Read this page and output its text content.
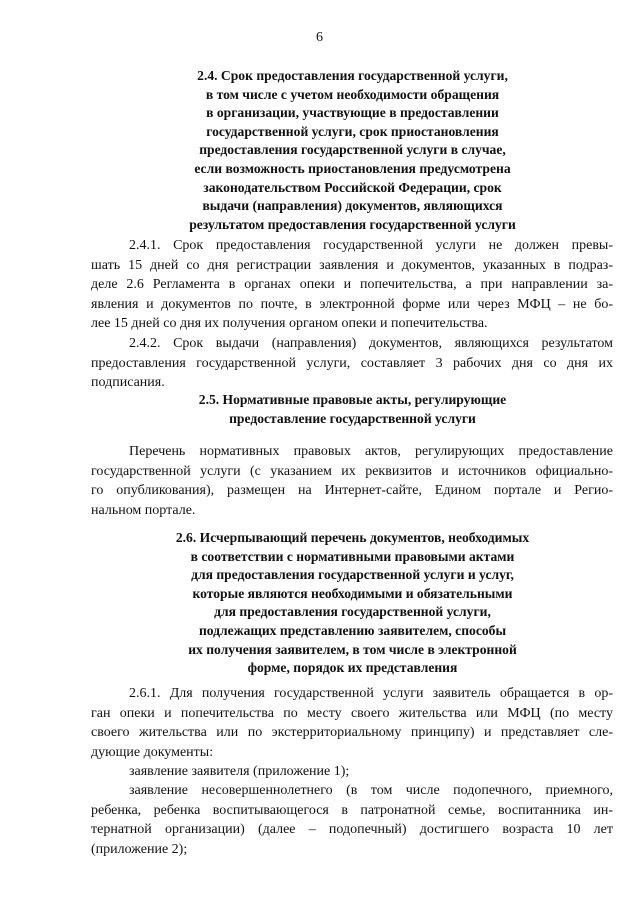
6
2.4. Срок предоставления государственной услуги,
в том числе с учетом необходимости обращения
в организации, участвующие в предоставлении
государственной услуги, срок приостановления
предоставления государственной услуги в случае,
если возможность приостановления предусмотрена
законодательством Российской Федерации, срок
выдачи (направления) документов, являющихся
результатом предоставления государственной услуги
2.4.1. Срок предоставления государственной услуги не должен превы-
шать 15 дней со дня регистрации заявления и документов, указанных в подраз-
деле 2.6 Регламента в органах опеки и попечительства, а при направлении за-
явления и документов по почте, в электронной форме или через МФЦ – не бо-
лее 15 дней со дня их получения органом опеки и попечительства.
2.4.2. Срок выдачи (направления) документов, являющихся результатом
предоставления государственной услуги, составляет 3 рабочих дня со дня их
подписания.
2.5. Нормативные правовые акты, регулирующие
предоставление государственной услуги
Перечень нормативных правовых актов, регулирующих предоставление
государственной услуги (с указанием их реквизитов и источников официально-
го опубликования), размещен на Интернет-сайте, Едином портале и Регио-
нальном портале.
2.6. Исчерпывающий перечень документов, необходимых
в соответствии с нормативными правовыми актами
для предоставления государственной услуги и услуг,
которые являются необходимыми и обязательными
для предоставления государственной услуги,
подлежащих представлению заявителем, способы
их получения заявителем, в том числе в электронной
форме, порядок их представления
2.6.1. Для получения государственной услуги заявитель обращается в ор-
ган опеки и попечительства по месту своего жительства или МФЦ (по месту
своего жительства или по экстерриториальному принципу) и представляет сле-
дующие документы:
заявление заявителя (приложение 1);
заявление несовершеннолетнего (в том числе подопечного, приемного,
ребенка, ребенка воспитывающегося в патронатной семье, воспитанника ин-
тернатной организации) (далее – подопечный) достигшего возраста 10 лет
(приложение 2);
